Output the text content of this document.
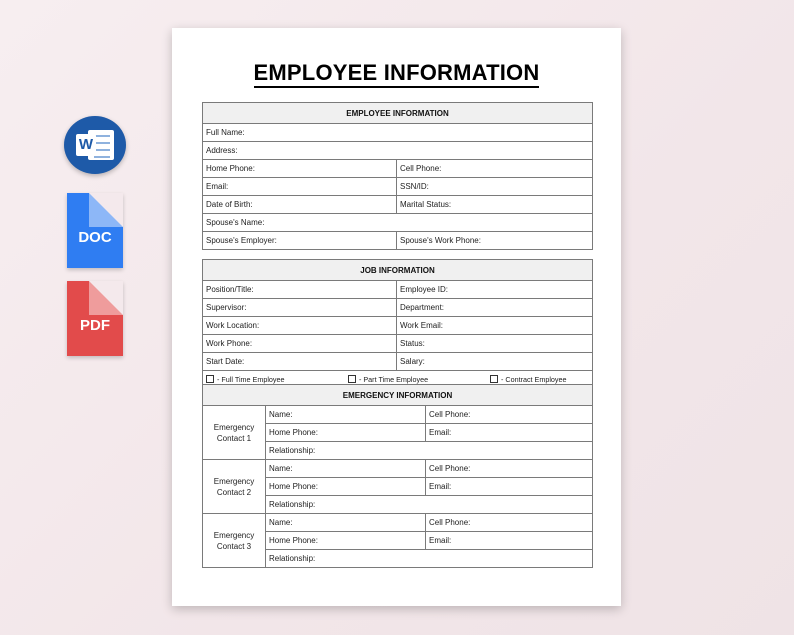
W
DOC
PDF
EMPLOYEE INFORMATION
EMPLOYEE INFORMATION	
Full Name:	
Address:	
Home Phone:	Cell Phone:
Email:	SSN/ID:
Date of Birth:	Marital Status:
Spouse's Name:	
Spouse's Employer:	Spouse's Work Phone:
JOB INFORMATION	
Position/Title:	Employee ID:
Supervisor:	Department:
Work Location:	Work Email:
Work Phone:	Status:
Start Date:	Salary:
- Full Time Employee - Part Time Employee - Contract Employee	
EMERGENCY INFORMATION		
Emergency Contact 1	Name:	Cell Phone:
	Home Phone:	Email:
	Relationship:	
Emergency Contact 2	Name:	Cell Phone:
	Home Phone:	Email:
	Relationship:	
Emergency Contact 3	Name:	Cell Phone:
	Home Phone:	Email:
	Relationship:	
